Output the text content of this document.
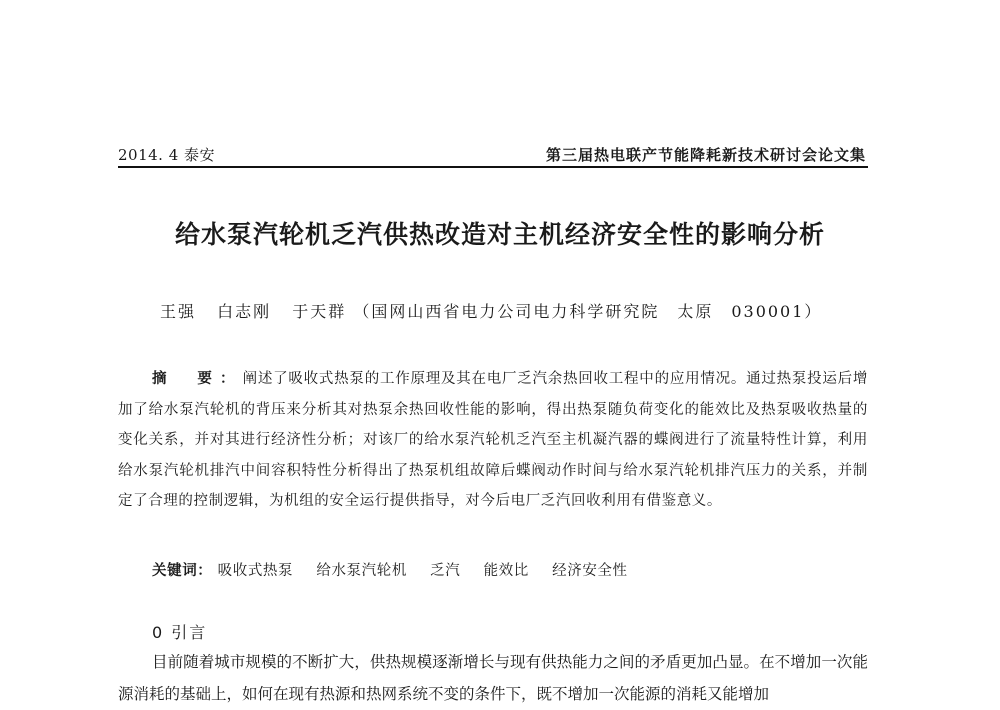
2014. 4 泰安	第三届热电联产节能降耗新技术研讨会论文集
给水泵汽轮机乏汽供热改造对主机经济安全性的影响分析
王强 白志刚 于天群 （国网山西省电力公司电力科学研究院　太原　030001）

摘　要：阐述了吸收式热泵的工作原理及其在电厂乏汽余热回收工程中的应用情况。通过热泵投运后增加了给水泵汽轮机的背压来分析其对热泵余热回收性能的影响，得出热泵随负荷变化的能效比及热泵吸收热量的变化关系，并对其进行经济性分析；对该厂的给水泵汽轮机乏汽至主机凝汽器的蝶阀进行了流量特性计算，利用给水泵汽轮机排汽中间容积特性分析得出了热泵机组故障后蝶阀动作时间与给水泵汽轮机排汽压力的关系，并制定了合理的控制逻辑，为机组的安全运行提供指导，对今后电厂乏汽回收利用有借鉴意义。

关键词： 吸收式热泵 给水泵汽轮机 乏汽 能效比 经济安全性
0 引言

目前随着城市规模的不断扩大，供热规模逐渐增长与现有供热能力之间的矛盾更加凸显。在不增加一次能源消耗的基础上，如何在现有热源和热网系统不变的条件下，既不增加一次能源的消耗又能增加
